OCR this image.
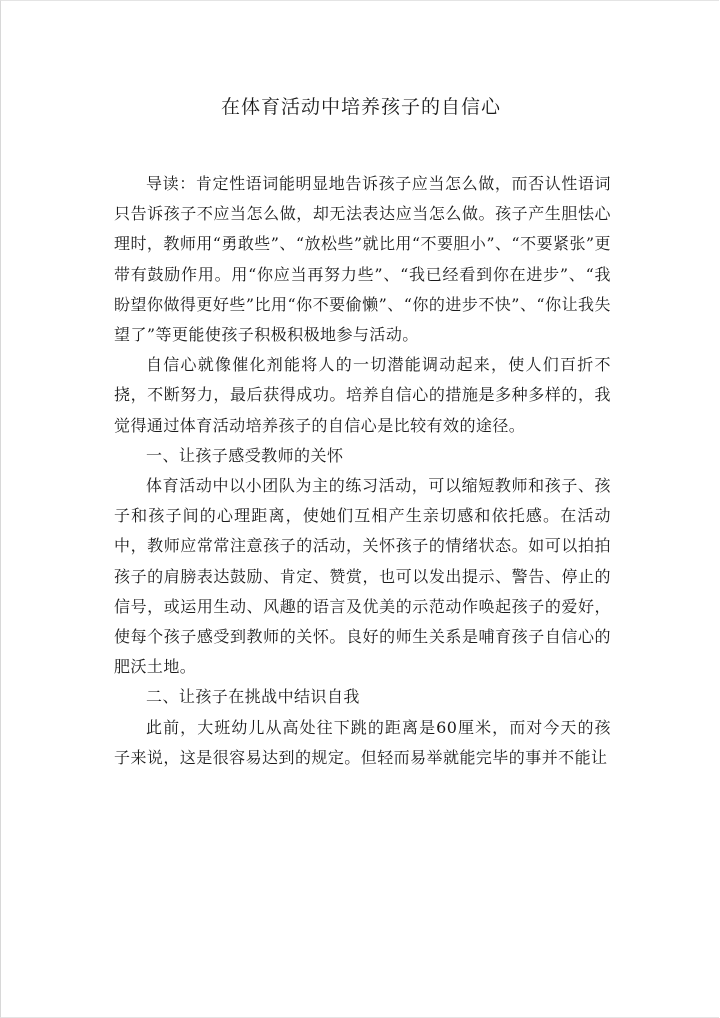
在体育活动中培养孩子的自信心

导读：肯定性语词能明显地告诉孩子应当怎么做，而否认性语词只告诉孩子不应当怎么做，却无法表达应当怎么做。孩子产生胆怯心理时，教师用“勇敢些”、“放松些”就比用“不要胆小”、“不要紧张”更带有鼓励作用。用“你应当再努力些”、“我已经看到你在进步”、“我盼望你做得更好些”比用“你不要偷懒”、“你的进步不快”、“你让我失望了”等更能使孩子积极积极地参与活动。

自信心就像催化剂能将人的一切潜能调动起来，使人们百折不挠，不断努力，最后获得成功。培养自信心的措施是多种多样的，我觉得通过体育活动培养孩子的自信心是比较有效的途径。

一、让孩子感受教师的关怀

体育活动中以小团队为主的练习活动，可以缩短教师和孩子、孩子和孩子间的心理距离，使她们互相产生亲切感和依托感。在活动中，教师应常常注意孩子的活动，关怀孩子的情绪状态。如可以拍拍孩子的肩膀表达鼓励、肯定、赞赏，也可以发出提示、警告、停止的信号，或运用生动、风趣的语言及优美的示范动作唤起孩子的爱好，使每个孩子感受到教师的关怀。良好的师生关系是哺育孩子自信心的肥沃土地。

二、让孩子在挑战中结识自我

此前，大班幼儿从高处往下跳的距离是60厘米，而对今天的孩子来说，这是很容易达到的规定。但轻而易举就能完毕的事并不能让
